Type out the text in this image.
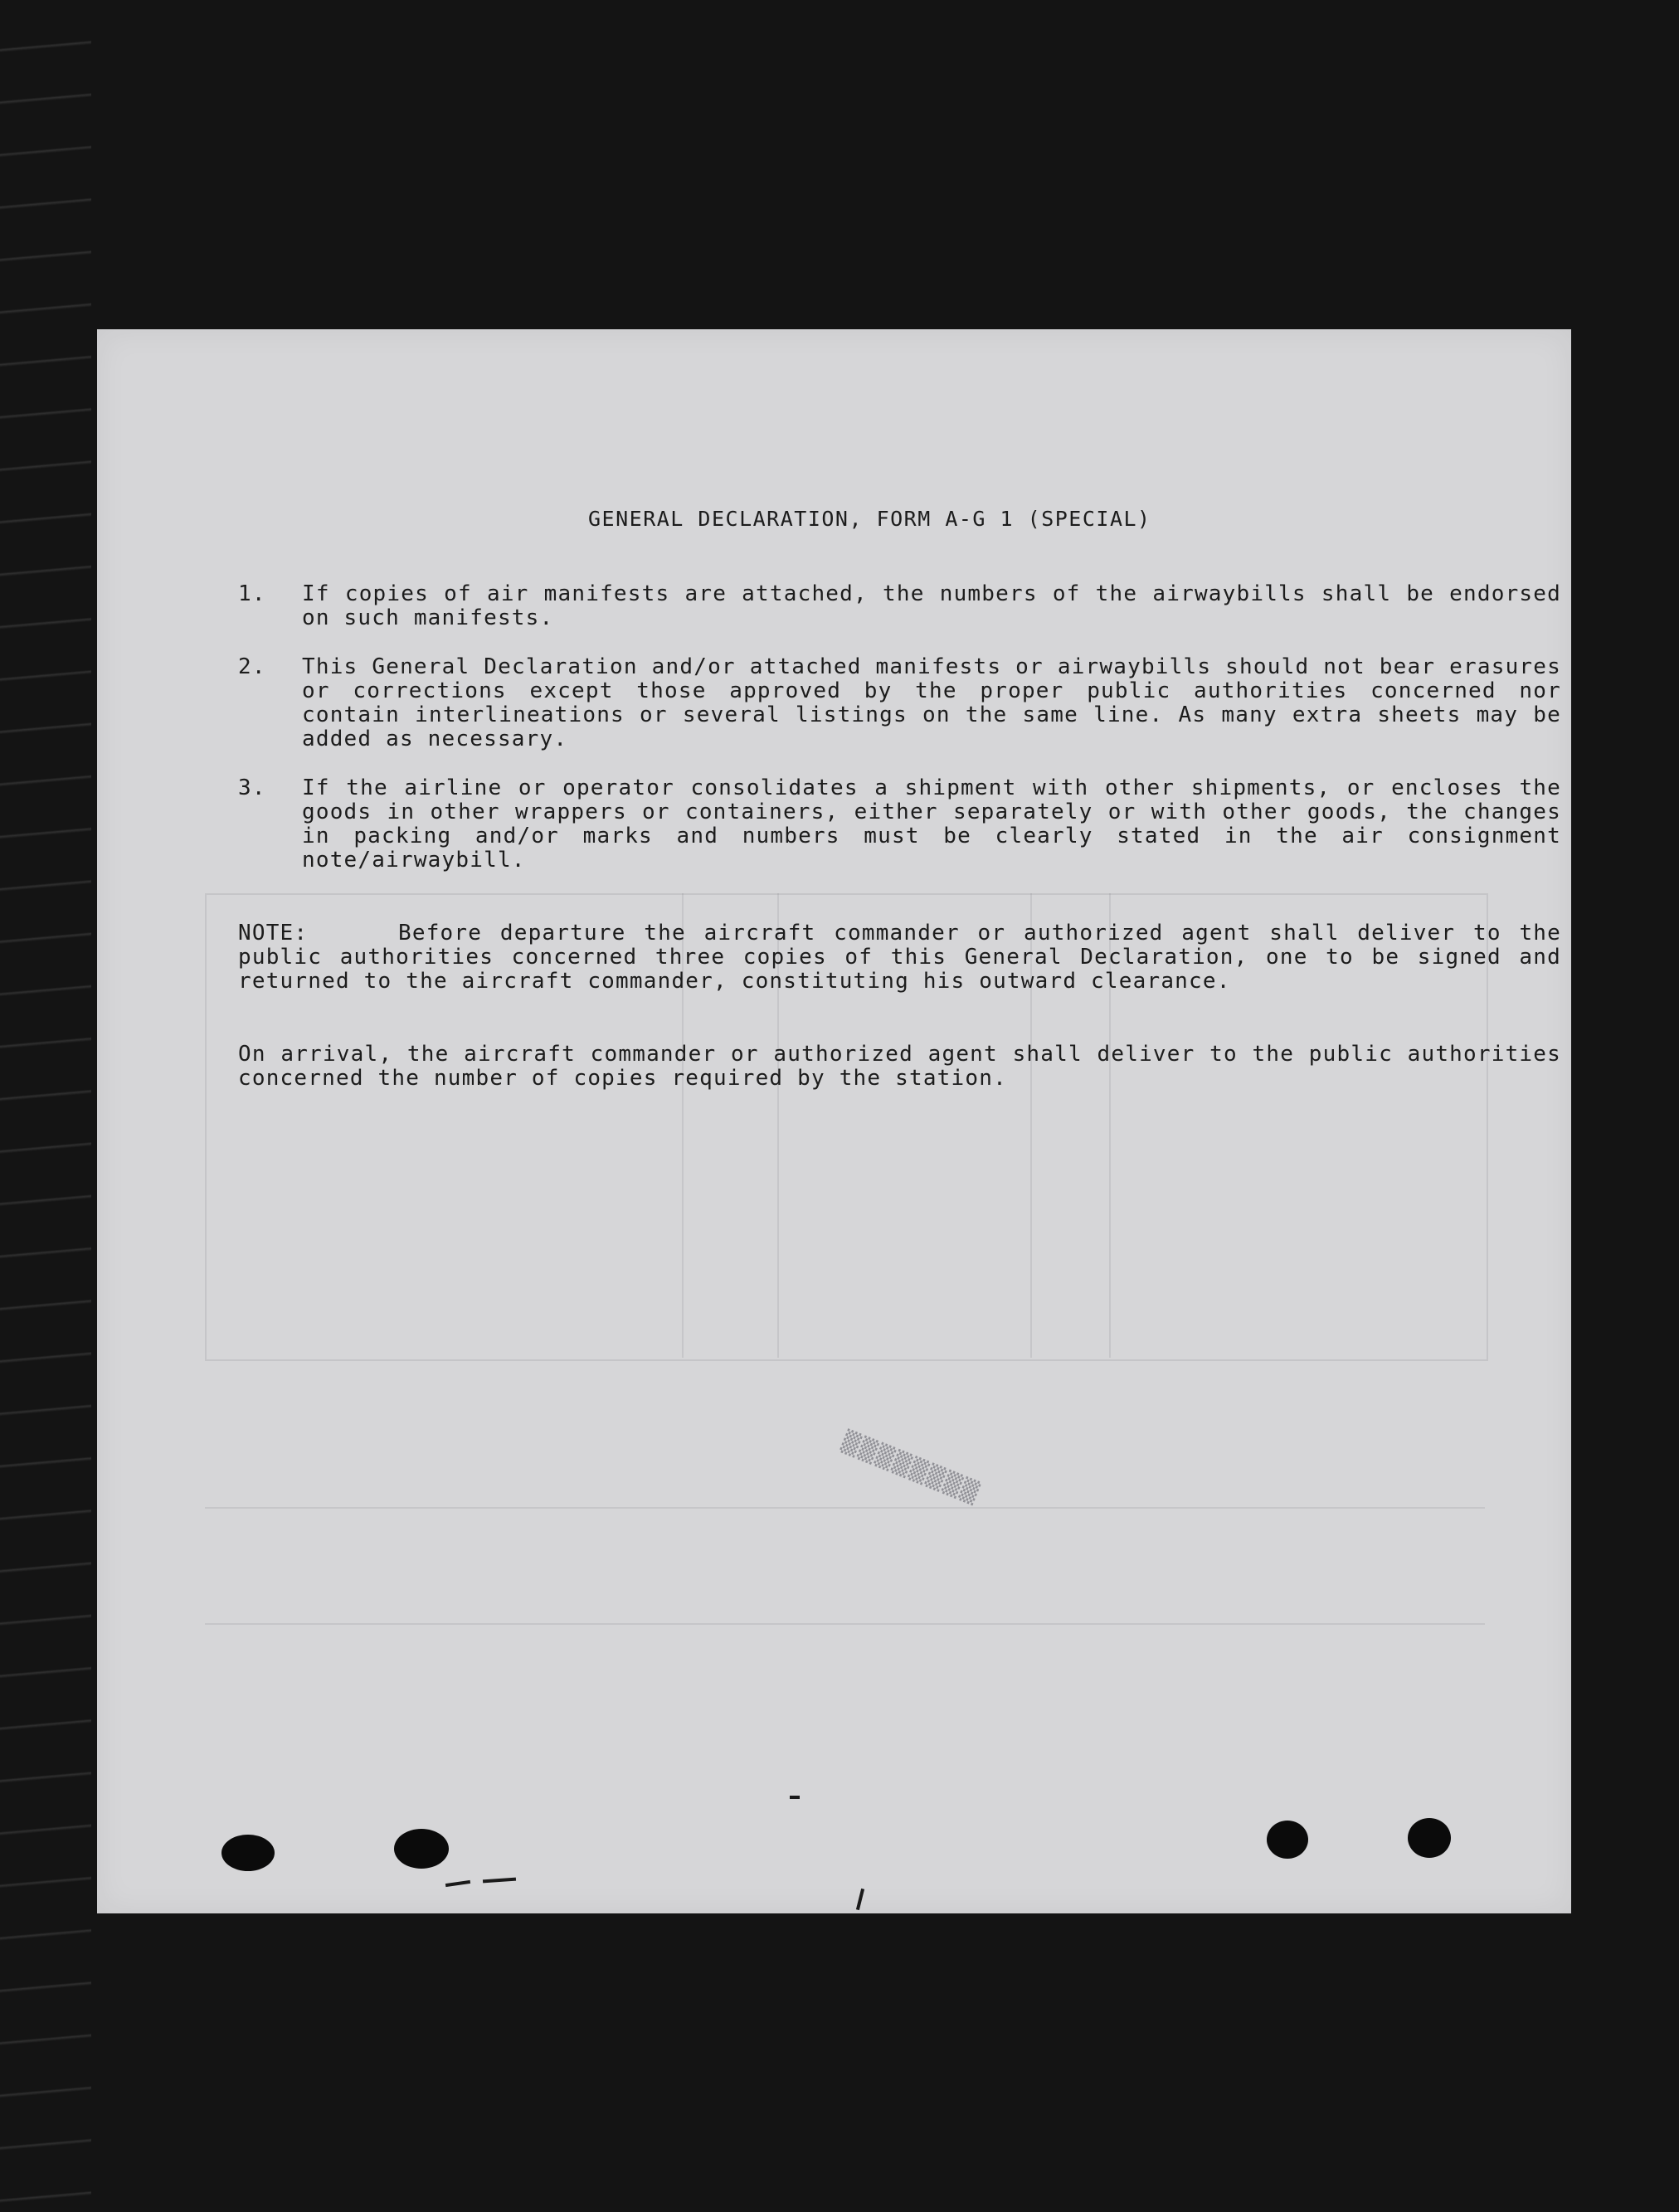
GENERAL DECLARATION, FORM A-G 1 (SPECIAL)
1.	If copies of air manifests are attached, the numbers of the airwaybills shall be endorsed on such manifests.
2.	This General Declaration and/or attached manifests or airwaybills should not bear erasures or corrections except those approved by the proper public authorities concerned nor contain interlineations or several listings on the same line. As many extra sheets may be added as necessary.
3.	If the airline or operator consolidates a shipment with other shipments, or encloses the goods in other wrappers or containers, either separately or with other goods, the changes in packing and/or marks and numbers must be clearly stated in the air consignment note/airwaybill.
NOTE:	Before departure the aircraft commander or authorized agent shall deliver to the public authorities concerned three copies of this General Declaration, one to be signed and returned to the aircraft commander, constituting his outward clearance.
On arrival, the aircraft commander or authorized agent shall deliver to the public authorities concerned the number of copies required by the station.
▒▒▒▒▒▒▒▒
